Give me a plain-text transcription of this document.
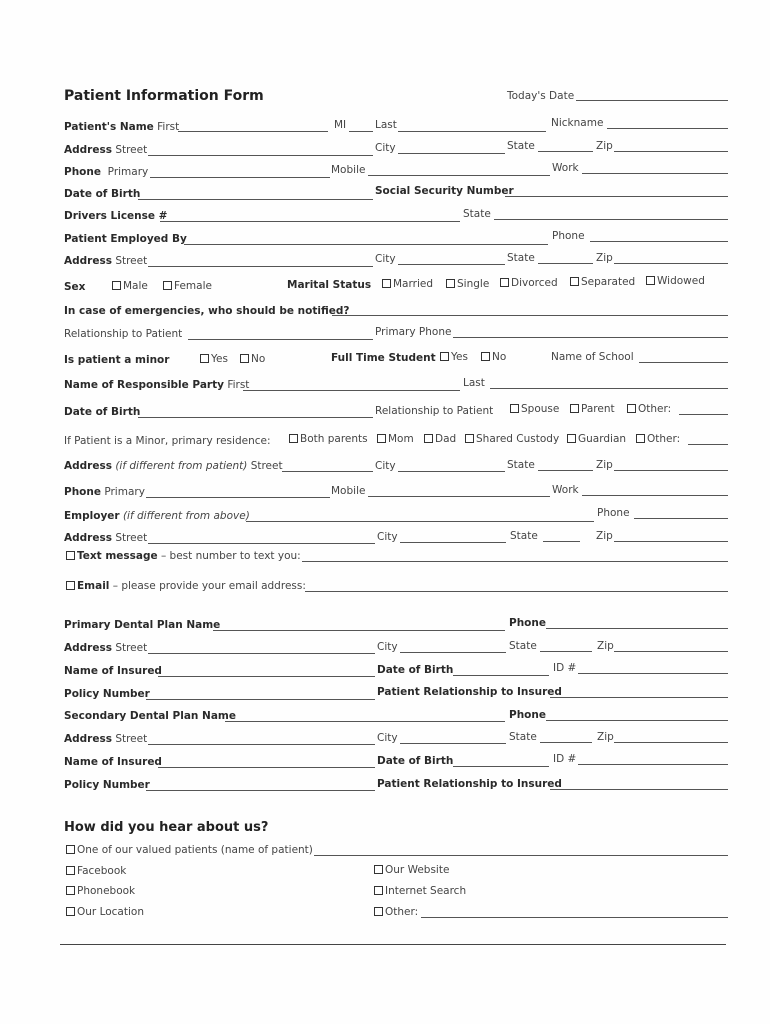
Patient Information Form	Today's Date
Patient's Name First	MI	Last	Nickname
Address Street	City	State	Zip
Phone Primary	Mobile	Work
Date of Birth	Social Security Number
Drivers License #	State
Patient Employed By	Phone
Address Street	City	State	Zip
Sex	Male	Female	Marital Status	Married	Single	Divorced	Separated	Widowed
In case of emergencies, who should be notified?
Relationship to Patient	Primary Phone
Is patient a minor	Yes	No	Full Time Student	Yes	No	Name of School
Name of Responsible Party First	Last
Date of Birth	Relationship to Patient	Spouse	Parent	Other:
If Patient is a Minor, primary residence:	Both parents	Mom	Dad	Shared Custody	Guardian	Other:
Address (if different from patient) Street	City	State	Zip
Phone Primary	Mobile	Work
Employer (if different from above)	Phone
Address Street	City	State	Zip
Text message – best number to text you:
Email – please provide your email address:
Primary Dental Plan Name	Phone
Address Street	City	State	Zip
Name of Insured	Date of Birth	ID #
Policy Number	Patient Relationship to Insured
Secondary Dental Plan Name	Phone
Address Street	City	State	Zip
Name of Insured	Date of Birth	ID #
Policy Number	Patient Relationship to Insured
How did you hear about us?
One of our valued patients (name of patient)
Facebook	Our Website
Phonebook	Internet Search
Our Location	Other:
